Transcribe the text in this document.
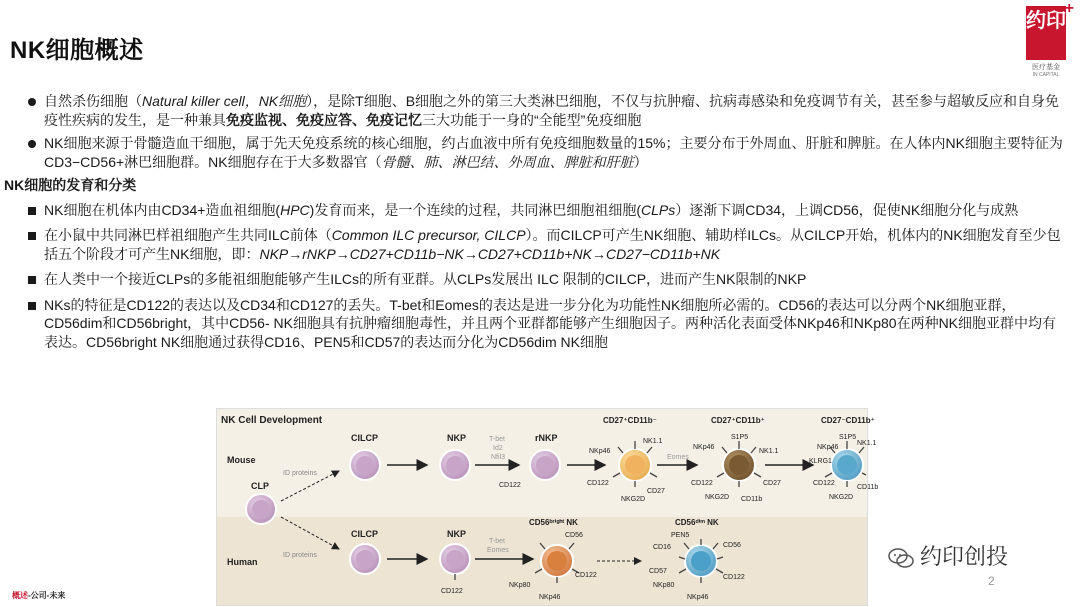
NK细胞概述
约印
+
医疗基金
IN CAPITAL
自然杀伤细胞（Natural killer cell，NK细胞），是除T细胞、B细胞之外的第三大类淋巴细胞，不仅与抗肿瘤、抗病毒感染和免疫调节有关，甚至参与超敏反应和自身免疫性疾病的发生，是一种兼具免疫监视、免疫应答、免疫记忆三大功能于一身的“全能型”免疫细胞
NK细胞来源于骨髓造血干细胞，属于先天免疫系统的核心细胞，约占血液中所有免疫细胞数量的15%；主要分布于外周血、肝脏和脾脏。在人体内NK细胞主要特征为CD3−CD56+淋巴细胞群。NK细胞存在于大多数器官（骨髓、肺、淋巴结、外周血、脾脏和肝脏）
NK细胞的发育和分类
NK细胞在机体内由CD34+造血祖细胞(HPC)发育而来，是一个连续的过程，共同淋巴细胞祖细胞(CLPs）逐渐下调CD34，上调CD56，促使NK细胞分化与成熟
在小鼠中共同淋巴样祖细胞产生共同ILC前体（Common ILC precursor, CILCP）。而CILCP可产生NK细胞、辅助样ILCs。从CILCP开始，机体内的NK细胞发育至少包括五个阶段才可产生NK细胞，即：NKP→rNKP→CD27+CD11b−NK→CD27+CD11b+NK→CD27−CD11b+NK
在人类中一个接近CLPs的多能祖细胞能够产生ILCs的所有亚群。从CLPs发展出 ILC 限制的CILCP，进而产生NK限制的NKP
NKs的特征是CD122的表达以及CD34和CD127的丢失。T-bet和Eomes的表达是进一步分化为功能性NK细胞所必需的。CD56的表达可以分两个NK细胞亚群，CD56dim和CD56bright，其中CD56- NK细胞具有抗肿瘤细胞毒性，并且两个亚群都能够产生细胞因子。两种活化表面受体NKp46和NKp80在两种NK细胞亚群中均有表达。CD56bright NK细胞通过获得CD16、PEN5和CD57的表达而分化为CD56dim NK细胞
NK Cell Development
Mouse
Human
CLP
ID proteins
ID proteins
CILCP	NKP	T-bet
Id2
Nfil3
rNKP
CD122
CD27⁺CD11b⁻
NKp46
NK1.1
CD122
CD27
NKG2D
Eomes
CD27⁺CD11b⁺
S1P5
NKp46
NK1.1
CD122	CD27
NKG2D CD11b
CD27⁻CD11b⁺
S1P5
NKp46
NK1.1
KLRG1
CD122
NKG2D
CD11b
CILCP	NKP
CD122
T-bet
Eomes
CD56ᵇʳⁱᵍʰᵗ NK
CD56
CD122
NKp80
NKp46
CD56ᵈⁱᵐ NK
PEN5
CD56
CD16
CD57
CD122
NKp80
NKp46
约印创投
2
概述-公司-未来
